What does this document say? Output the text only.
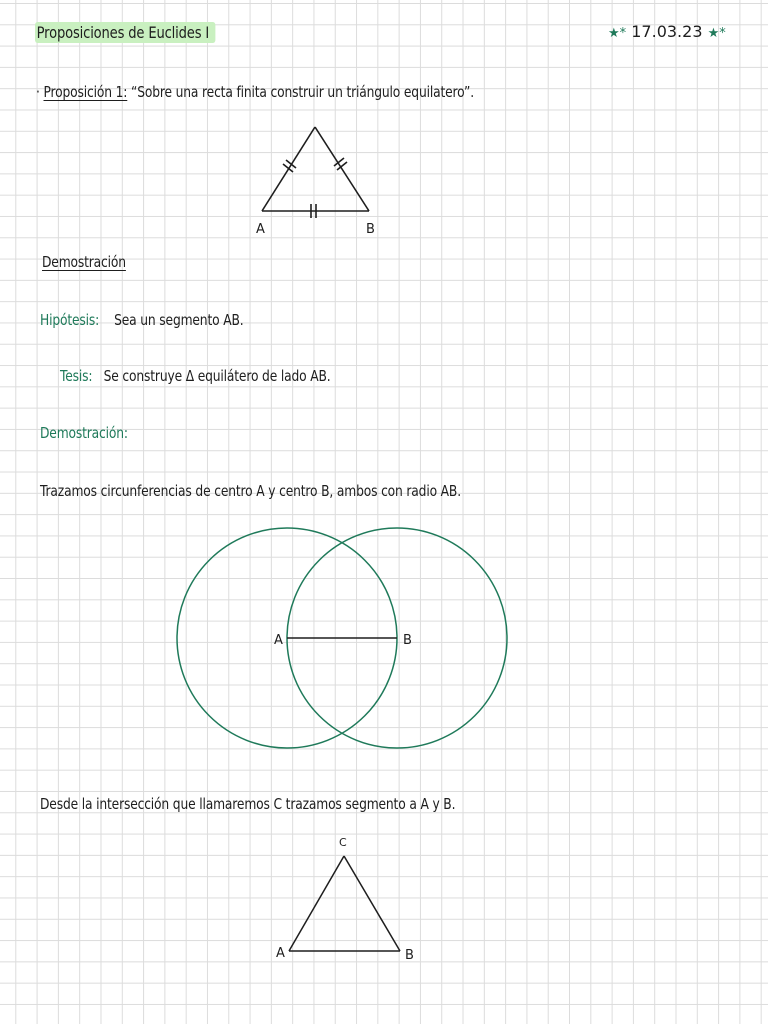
Proposiciones de Euclides I	★* 17.03.23 ★*
· Proposición 1: “Sobre una recta finita construir un triángulo equilatero”.
A	B
A	B
C
A	B
Demostración
Hipótesis: Sea un segmento AB.
Tesis: Se construye Δ equilátero de lado AB.
Demostración:
Trazamos circunferencias de centro A y centro B, ambos con radio AB.
Desde la intersección que llamaremos C trazamos segmento a A y B.
